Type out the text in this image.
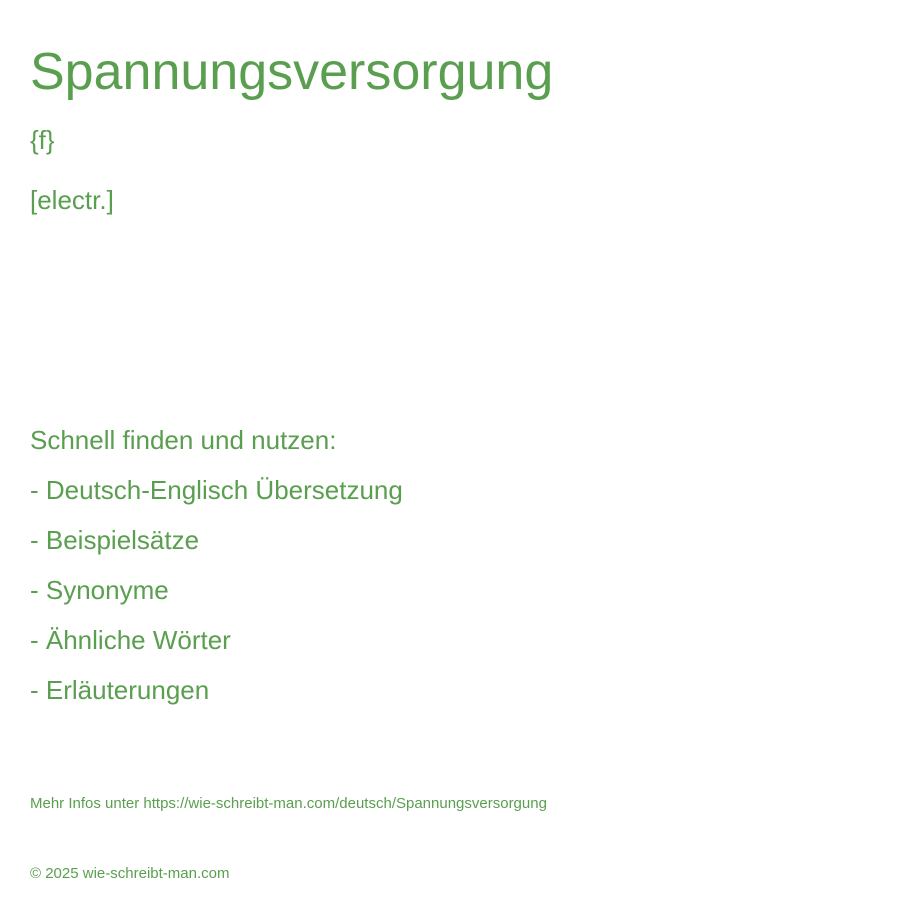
Spannungsversorgung
{f}
[electr.]
Schnell finden und nutzen:
- Deutsch-Englisch Übersetzung
- Beispielsätze
- Synonyme
- Ähnliche Wörter
- Erläuterungen
Mehr Infos unter https://wie-schreibt-man.com/deutsch/Spannungsversorgung
© 2025 wie-schreibt-man.com
